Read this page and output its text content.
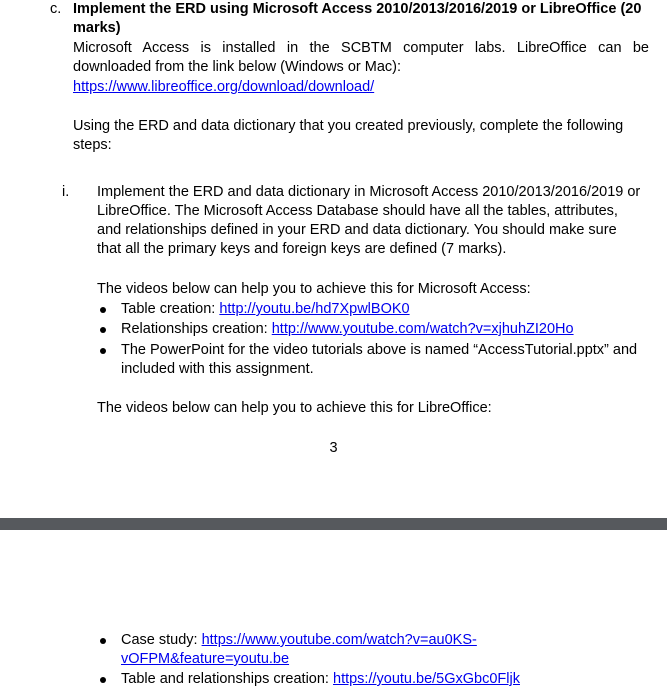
c. Implement the ERD using Microsoft Access 2010/2013/2016/2019 or LibreOffice (20
marks)
Microsoft Access is installed in the SCBTM computer labs. LibreOffice can be
downloaded from the link below (Windows or Mac):
https://www.libreoffice.org/download/download/
Using the ERD and data dictionary that you created previously, complete the following
steps:
i. Implement the ERD and data dictionary in Microsoft Access 2010/2013/2016/2019 or
LibreOffice. The Microsoft Access Database should have all the tables, attributes,
and relationships defined in your ERD and data dictionary. You should make sure
that all the primary keys and foreign keys are defined (7 marks).
The videos below can help you to achieve this for Microsoft Access:
Table creation: http://youtu.be/hd7XpwlBOK0
Relationships creation: http://www.youtube.com/watch?v=xjhuhZI20Ho
The PowerPoint for the video tutorials above is named “AccessTutorial.pptx” and
included with this assignment.
The videos below can help you to achieve this for LibreOffice:
3
Case study: https://www.youtube.com/watch?v=au0KS-
vOFPM&feature=youtu.be
Table and relationships creation: https://youtu.be/5GxGbc0Fljk
